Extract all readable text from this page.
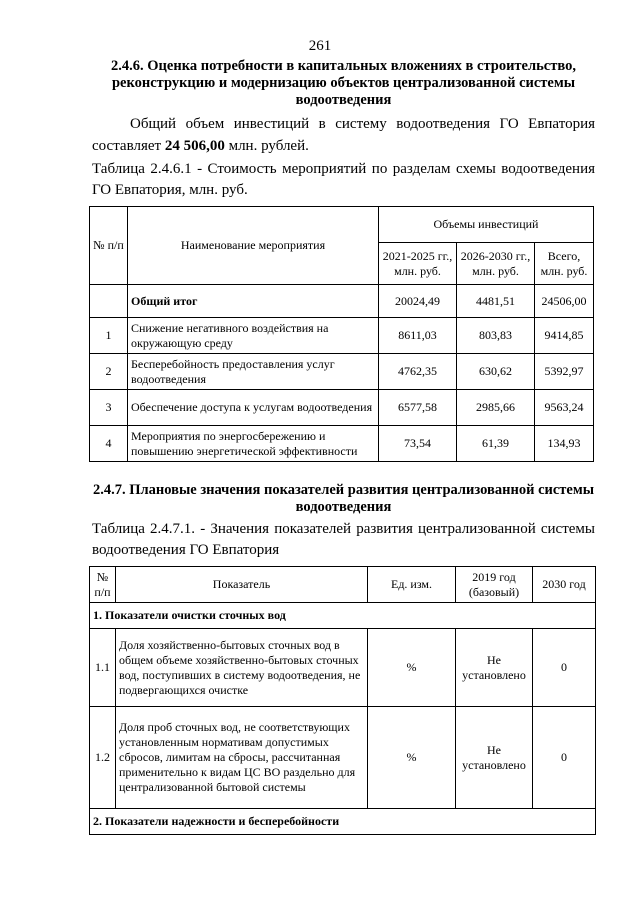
261
2.4.6. Оценка потребности в капитальных вложениях в строительство, реконструкцию и модернизацию объектов централизованной системы водоотведения
Общий объем инвестиций в систему водоотведения ГО Евпатория составляет 24 506,00 млн. рублей.
Таблица 2.4.6.1 - Стоимость мероприятий по разделам схемы водоотведения ГО Евпатория, млн. руб.
№ п/п	Наименование мероприятия	Объемы инвестиций		
		2021-2025 гг., млн. руб.	2026-2030 гг., млн. руб.	Всего, млн. руб.
	Общий итог	20024,49	4481,51	24506,00
1	Снижение негативного воздействия на окружающую среду	8611,03	803,83	9414,85
2	Бесперебойность предоставления услуг водоотведения	4762,35	630,62	5392,97
3	Обеспечение доступа к услугам водоотведения	6577,58	2985,66	9563,24
4	Мероприятия по энергосбережению и повышению энергетической эффективности	73,54	61,39	134,93
2.4.7. Плановые значения показателей развития централизованной системы водоотведения
Таблица 2.4.7.1. - Значения показателей развития централизованной системы водоотведения ГО Евпатория
№ п/п	Показатель	Ед. изм.	2019 год (базовый)	2030 год
1. Показатели очистки сточных вод				
1.1	Доля хозяйственно-бытовых сточных вод в общем объеме хозяйственно-бытовых сточных вод, поступивших в систему водоотведения, не подвергающихся очистке	%	Не установлено	0
1.2	Доля проб сточных вод, не соответствующих установленным нормативам допустимых сбросов, лимитам на сбросы, рассчитанная применительно к видам ЦС ВО раздельно для централизованной бытовой системы	%	Не установлено	0
2. Показатели надежности и бесперебойности				
